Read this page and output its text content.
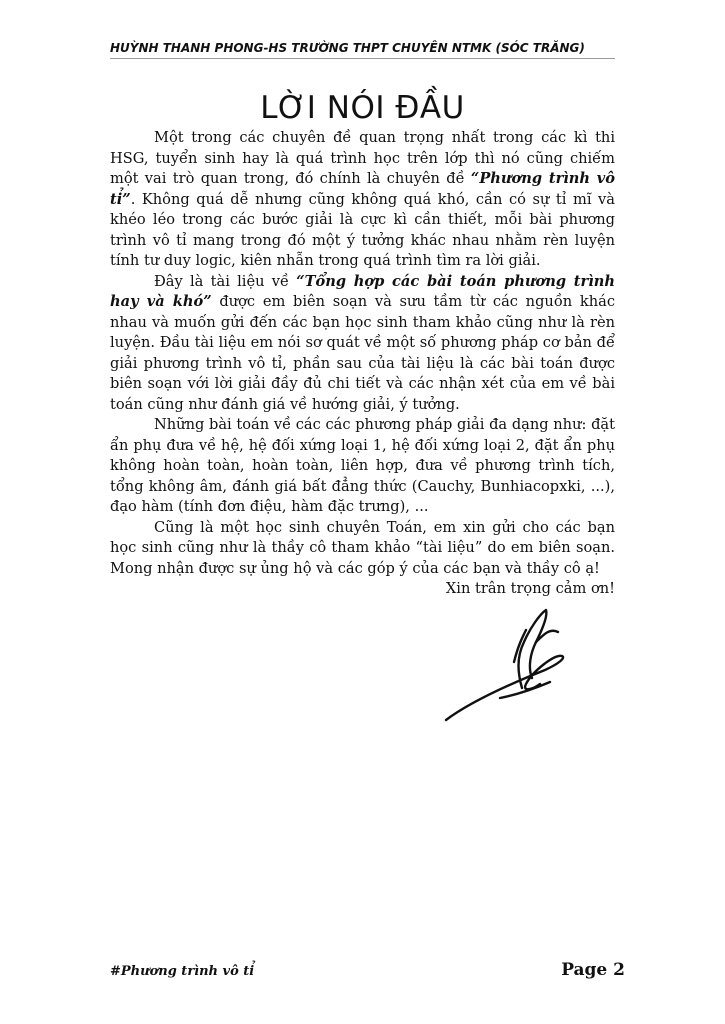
HUỲNH THANH PHONG-HS TRƯỜNG THPT CHUYÊN NTMK (SÓC TRĂNG)
LỜI NÓI ĐẦU

Một trong các chuyên đề quan trọng nhất trong các kì thi HSG, tuyển sinh hay là quá trình học trên lớp thì nó cũng chiếm một vai trò quan trong, đó chính là chuyên đề “Phương trình vô tỉ”. Không quá dễ nhưng cũng không quá khó, cần có sự tỉ mĩ và khéo léo trong các bước giải là cực kì cần thiết, mỗi bài phương trình vô tỉ mang trong đó một ý tưởng khác nhau nhằm rèn luyện tính tư duy logic, kiên nhẫn trong quá trình tìm ra lời giải.

Đây là tài liệu về “Tổng hợp các bài toán phương trình hay và khó” được em biên soạn và sưu tầm từ các nguồn khác nhau và muốn gửi đến các bạn học sinh tham khảo cũng như là rèn luyện. Đầu tài liệu em nói sơ quát về một số phương pháp cơ bản để giải phương trình vô tỉ, phần sau của tài liệu là các bài toán được biên soạn với lời giải đầy đủ chi tiết và các nhận xét của em về bài toán cũng như đánh giá về hướng giải, ý tưởng.

Những bài toán về các các phương pháp giải đa dạng như: đặt ẩn phụ đưa về hệ, hệ đối xứng loại 1, hệ đối xứng loại 2, đặt ẩn phụ không hoàn toàn, hoàn toàn, liên hợp, đưa về phương trình tích, tổng không âm, đánh giá bất đẳng thức (Cauchy, Bunhiacopxki, ...), đạo hàm (tính đơn điệu, hàm đặc trưng), ...

Cũng là một học sinh chuyên Toán, em xin gửi cho các bạn học sinh cũng như là thầy cô tham khảo “tài liệu” do em biên soạn. Mong nhận được sự ủng hộ và các góp ý của các bạn và thầy cô ạ!

Xin trân trọng cảm ơn!

#Phương trình vô tỉ	Page 2
